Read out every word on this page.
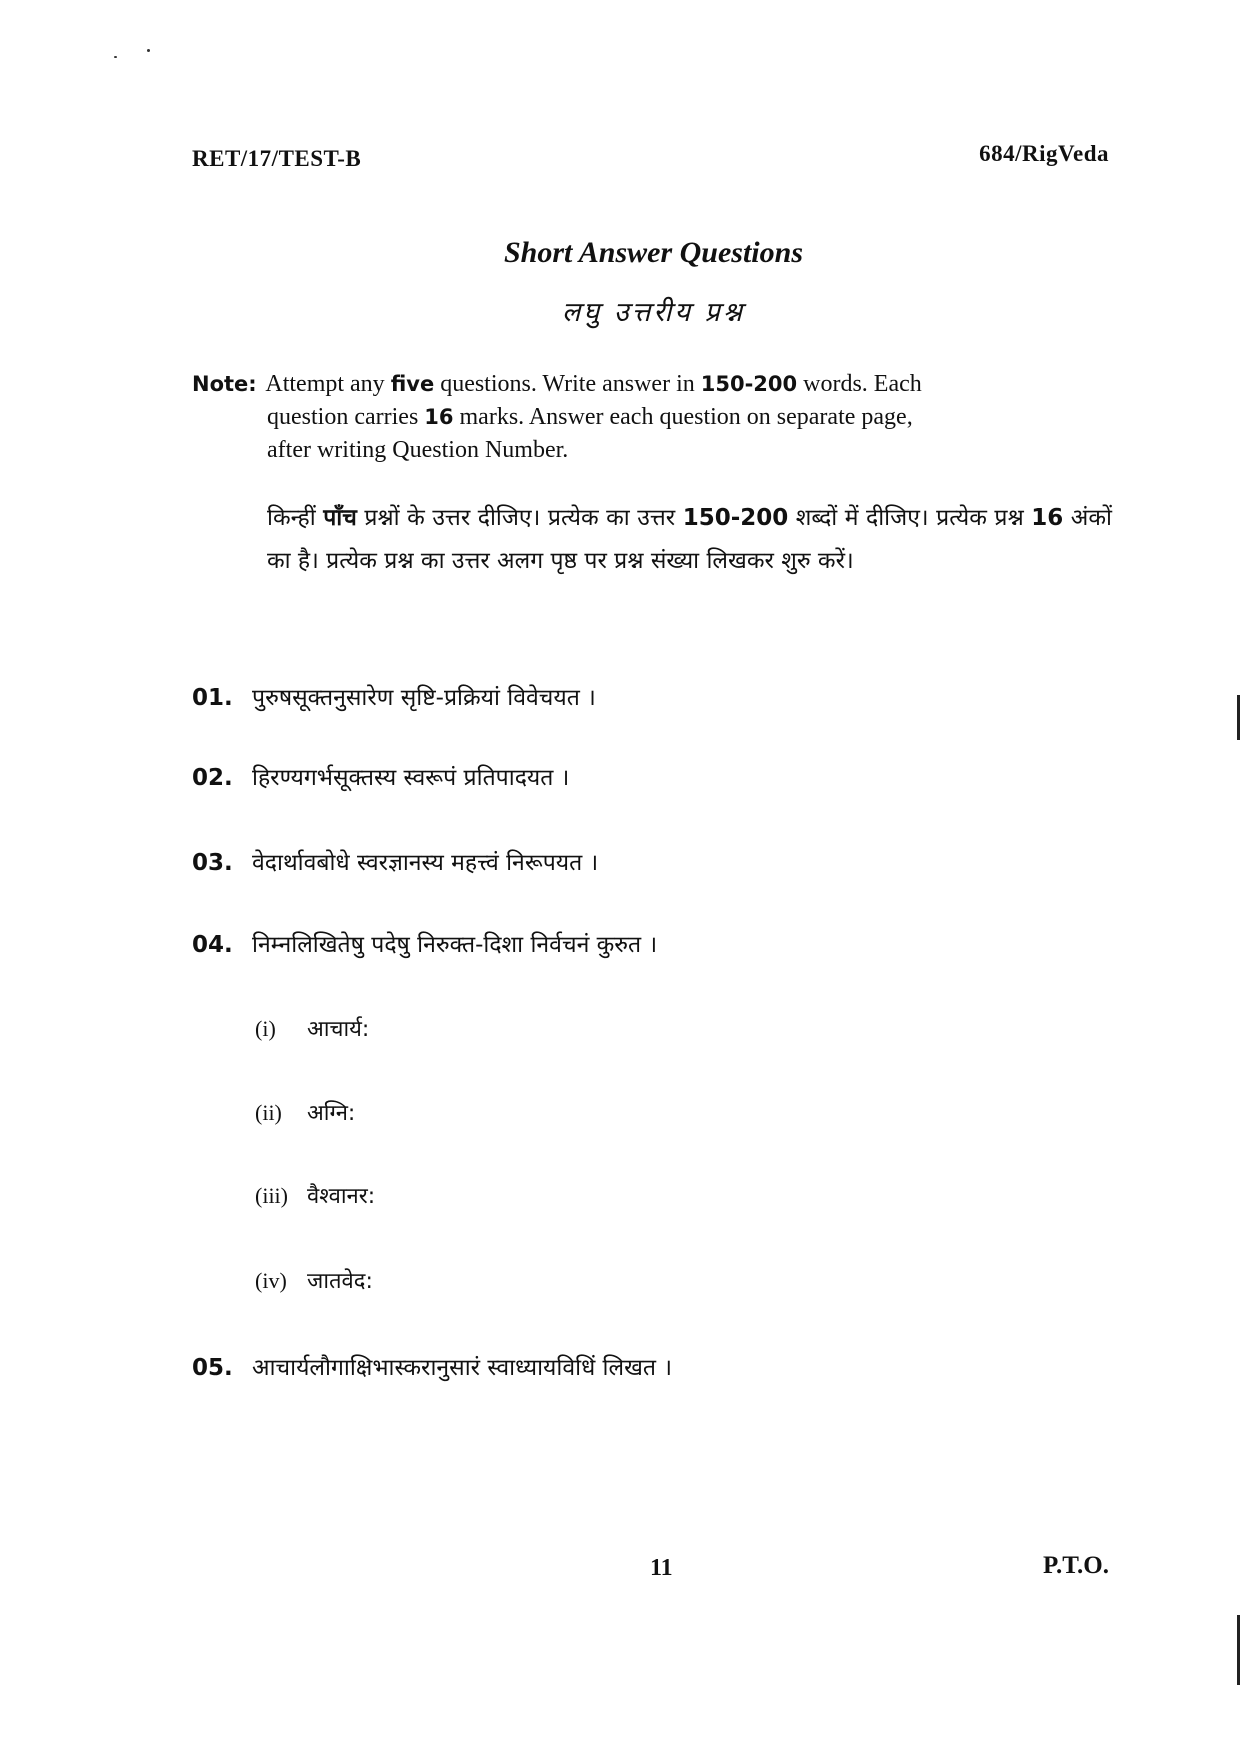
RET/17/TEST-B	684/RigVeda
Short Answer Questions
लघु उत्तरीय प्रश्न
Note: Attempt any five questions. Write answer in 150-200 words. Each
question carries 16 marks. Answer each question on separate page,
after writing Question Number.
किन्हीं पाँच प्रश्नों के उत्तर दीजिए। प्रत्येक का उत्तर 150-200 शब्दों में दीजिए। प्रत्येक प्रश्न 16 अंकों का है। प्रत्येक प्रश्न का उत्तर अलग पृष्ठ पर प्रश्न संख्या लिखकर शुरु करें।
01. पुरुषसूक्तनुसारेण सृष्टि-प्रक्रियां विवेचयत ।
02. हिरण्यगर्भसूक्तस्य स्वरूपं प्रतिपादयत ।
03. वेदार्थावबोधे स्वरज्ञानस्य महत्त्वं निरूपयत ।
04. निम्नलिखितेषु पदेषु निरुक्त-दिशा निर्वचनं कुरुत ।
(i) आचार्य:
(ii) अग्नि:
(iii) वैश्वानर:
(iv) जातवेद:
05. आचार्यलौगाक्षिभास्करानुसारं स्वाध्यायविधिं लिखत ।
11	P.T.O.
